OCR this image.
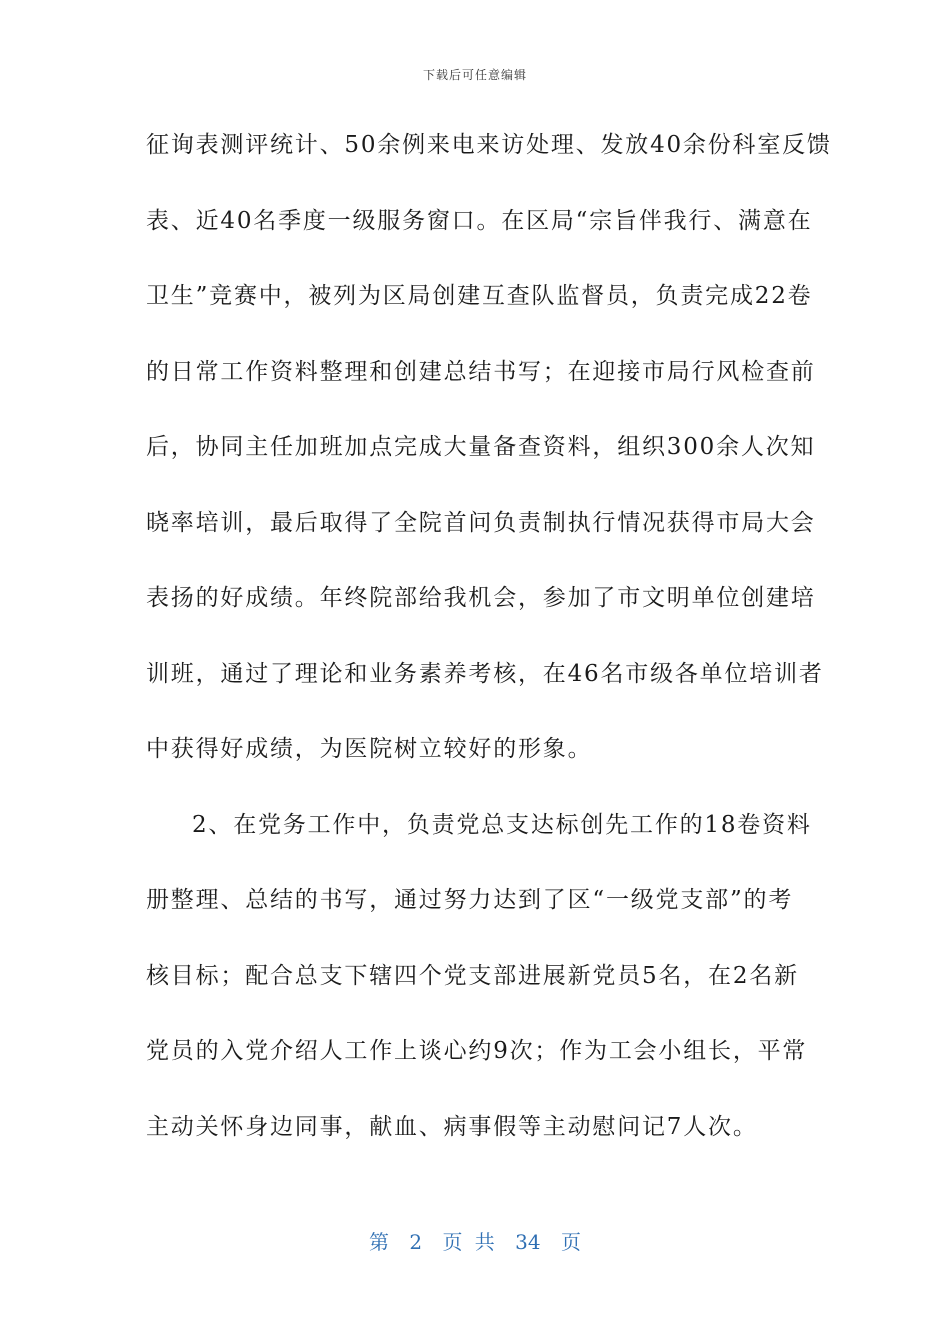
下载后可任意编辑
征询表测评统计、50余例来电来访处理、发放40余份科室反馈
表、近40名季度一级服务窗口。在区局“宗旨伴我行、满意在
卫生”竞赛中，被列为区局创建互查队监督员，负责完成22卷
的日常工作资料整理和创建总结书写；在迎接市局行风检查前
后，协同主任加班加点完成大量备查资料，组织300余人次知
晓率培训，最后取得了全院首问负责制执行情况获得市局大会
表扬的好成绩。年终院部给我机会，参加了市文明单位创建培
训班，通过了理论和业务素养考核，在46名市级各单位培训者
中获得好成绩，为医院树立较好的形象。
2、在党务工作中，负责党总支达标创先工作的18卷资料
册整理、总结的书写，通过努力达到了区“一级党支部”的考
核目标；配合总支下辖四个党支部进展新党员5名，在2名新
党员的入党介绍人工作上谈心约9次；作为工会小组长，平常
主动关怀身边同事，献血、病事假等主动慰问记7人次。
第 2 页 共 34 页
